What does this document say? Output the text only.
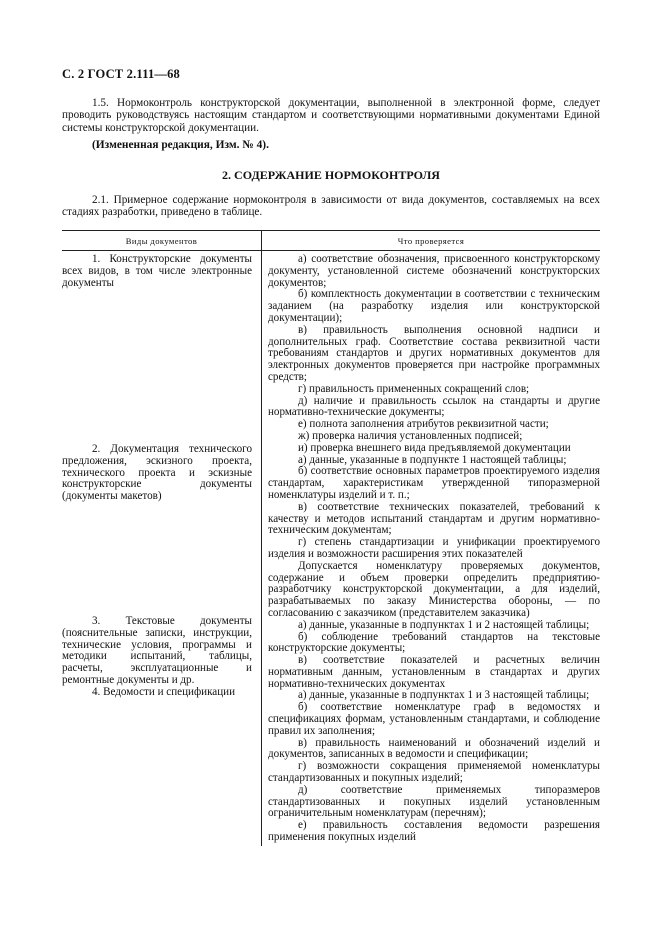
С. 2 ГОСТ 2.111—68
1.5. Нормоконтроль конструкторской документации, выполненной в электронной форме, следует проводить руководствуясь настоящим стандартом и соответствующими нормативными документами Единой системы конструкторской документации.
(Измененная редакция, Изм. № 4).
2. СОДЕРЖАНИЕ НОРМОКОНТРОЛЯ
2.1. Примерное содержание нормоконтроля в зависимости от вида документов, составляемых на всех стадиях разработки, приведено в таблице.
Виды документов	Что проверяется
1. Конструкторские документы всех видов, в том числе электронные документы
2. Документация технического предложения, эскизного проекта, технического проекта и эскизные конструкторские документы (документы макетов)
3. Текстовые документы (пояснительные записки, инструкции, технические условия, программы и методики испытаний, таблицы, расчеты, эксплуатационные и ремонтные документы и др.
4. Ведомости и спецификации
а) соответствие обозначения, присвоенного конструкторскому документу, установленной системе обозначений конструкторских документов;
б) комплектность документации в соответствии с техническим заданием (на разработку изделия или конструкторской документации);
в) правильность выполнения основной надписи и дополнительных граф. Соответствие состава реквизитной части требованиям стандартов и других нормативных документов для электронных документов проверяется при настройке программных средств;
г) правильность примененных сокращений слов;
д) наличие и правильность ссылок на стандарты и другие нормативно-технические документы;
е) полнота заполнения атрибутов реквизитной части;
ж) проверка наличия установленных подписей;
и) проверка внешнего вида предъявляемой документации
а) данные, указанные в подпункте 1 настоящей таблицы;
б) соответствие основных параметров проектируемого изделия стандартам, характеристикам утвержденной типоразмерной номенклатуры изделий и т. п.;
в) соответствие технических показателей, требований к качеству и методов испытаний стандартам и другим нормативно-техническим документам;
г) степень стандартизации и унификации проектируемого изделия и возможности расширения этих показателей
Допускается номенклатуру проверяемых документов, содержание и объем проверки определить предприятию-разработчику конструкторской документации, а для изделий, разрабатываемых по заказу Министерства обороны, — по согласованию с заказчиком (представителем заказчика)
а) данные, указанные в подпунктах 1 и 2 настоящей таблицы;
б) соблюдение требований стандартов на текстовые конструкторские документы;
в) соответствие показателей и расчетных величин нормативным данным, установленным в стандартах и других нормативно-технических документах
а) данные, указанные в подпунктах 1 и 3 настоящей таблицы;
б) соответствие номенклатуре граф в ведомостях и спецификациях формам, установленным стандартами, и соблюдение правил их заполнения;
в) правильность наименований и обозначений изделий и документов, записанных в ведомости и спецификации;
г) возможности сокращения применяемой номенклатуры стандартизованных и покупных изделий;
д) соответствие применяемых типоразмеров стандартизованных и покупных изделий установленным ограничительным номенклатурам (перечням);
е) правильность составления ведомости разрешения применения покупных изделий
